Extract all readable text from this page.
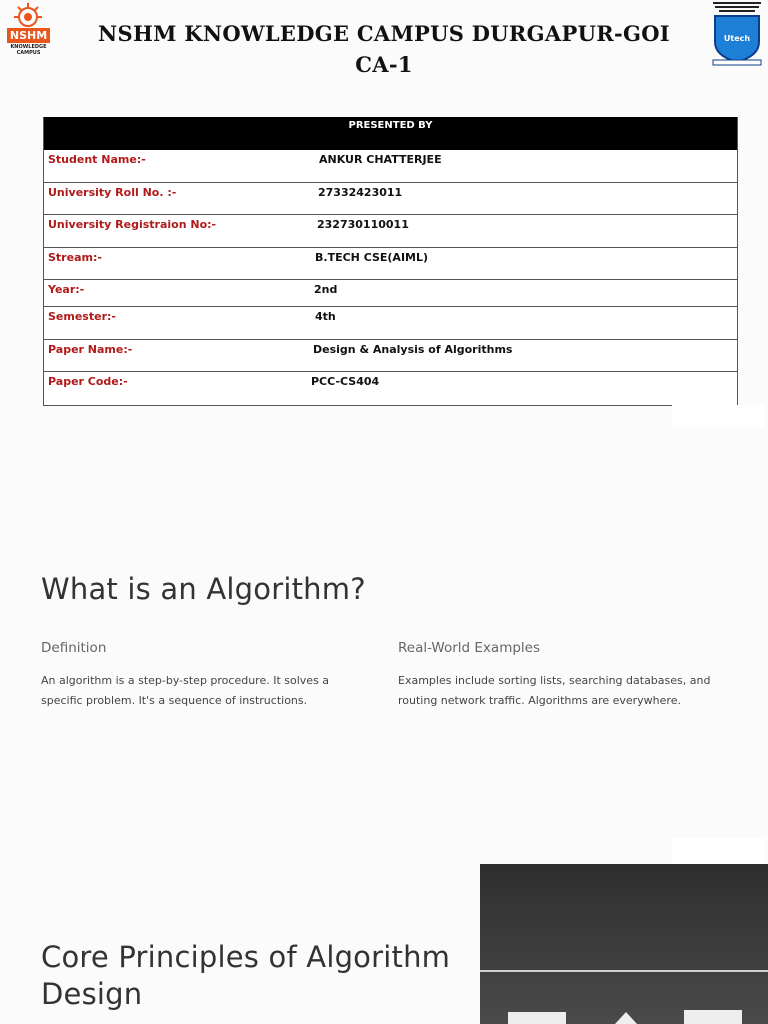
NSHM
KNOWLEDGE CAMPUS
Utech
NSHM KNOWLEDGE CAMPUS DURGAPUR-GOI
CA-1
PRESENTED BY
Student Name:-	ANKUR CHATTERJEE
University Roll No. :-	27332423011
University Registraion No:-	232730110011
Stream:-	B.TECH CSE(AIML)
Year:-	2nd
Semester:-	4th
Paper Name:-	Design & Analysis of Algorithms
Paper Code:-	PCC-CS404
What is an Algorithm?
Definition
An algorithm is a step-by-step procedure. It solves a specific problem. It's a sequence of instructions.
Real-World Examples
Examples include sorting lists, searching databases, and routing network traffic. Algorithms are everywhere.
Core Principles of Algorithm Design
